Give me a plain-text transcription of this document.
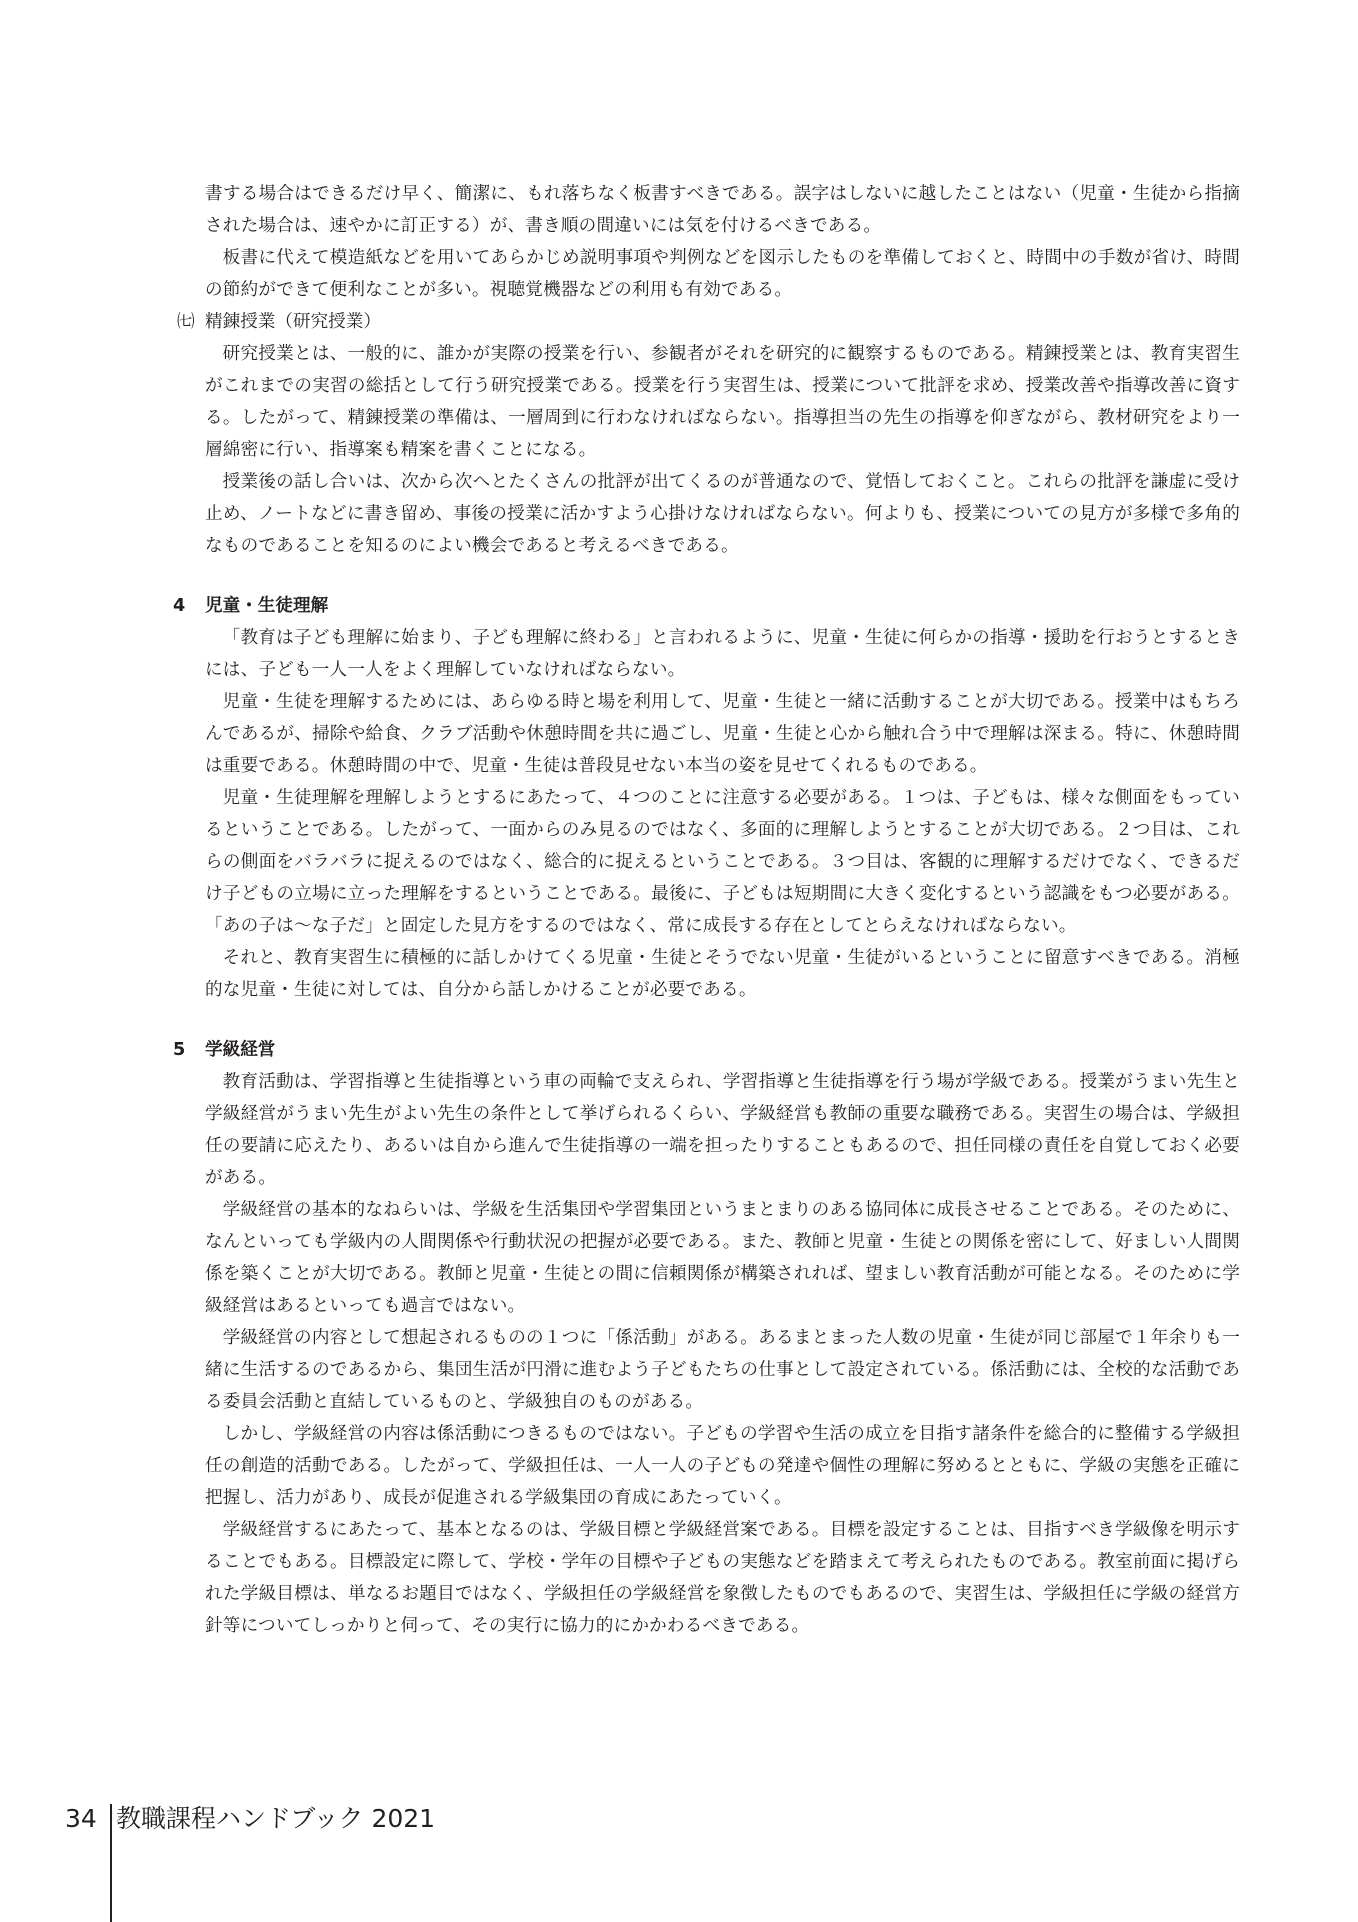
書する場合はできるだけ早く、簡潔に、もれ落ちなく板書すべきである。誤字はしないに越したことはない（児童・生徒から指摘された場合は、速やかに訂正する）が、書き順の間違いには気を付けるべきである。

板書に代えて模造紙などを用いてあらかじめ説明事項や判例などを図示したものを準備しておくと、時間中の手数が省け、時間の節約ができて便利なことが多い。視聴覚機器などの利用も有効である。

㈦ 精錬授業（研究授業）

研究授業とは、一般的に、誰かが実際の授業を行い、参観者がそれを研究的に観察するものである。精錬授業とは、教育実習生がこれまでの実習の総括として行う研究授業である。授業を行う実習生は、授業について批評を求め、授業改善や指導改善に資する。したがって、精錬授業の準備は、一層周到に行わなければならない。指導担当の先生の指導を仰ぎながら、教材研究をより一層綿密に行い、指導案も精案を書くことになる。

授業後の話し合いは、次から次へとたくさんの批評が出てくるのが普通なので、覚悟しておくこと。これらの批評を謙虚に受け止め、ノートなどに書き留め、事後の授業に活かすよう心掛けなければならない。何よりも、授業についての見方が多様で多角的なものであることを知るのによい機会であると考えるべきである。

4 児童・生徒理解

「教育は子ども理解に始まり、子ども理解に終わる」と言われるように、児童・生徒に何らかの指導・援助を行おうとするときには、子ども一人一人をよく理解していなければならない。

児童・生徒を理解するためには、あらゆる時と場を利用して、児童・生徒と一緒に活動することが大切である。授業中はもちろんであるが、掃除や給食、クラブ活動や休憩時間を共に過ごし、児童・生徒と心から触れ合う中で理解は深まる。特に、休憩時間は重要である。休憩時間の中で、児童・生徒は普段見せない本当の姿を見せてくれるものである。

児童・生徒理解を理解しようとするにあたって、４つのことに注意する必要がある。１つは、子どもは、様々な側面をもっているということである。したがって、一面からのみ見るのではなく、多面的に理解しようとすることが大切である。２つ目は、これらの側面をバラバラに捉えるのではなく、総合的に捉えるということである。３つ目は、客観的に理解するだけでなく、できるだけ子どもの立場に立った理解をするということである。最後に、子どもは短期間に大きく変化するという認識をもつ必要がある。「あの子は～な子だ」と固定した見方をするのではなく、常に成長する存在としてとらえなければならない。

それと、教育実習生に積極的に話しかけてくる児童・生徒とそうでない児童・生徒がいるということに留意すべきである。消極的な児童・生徒に対しては、自分から話しかけることが必要である。

5 学級経営

教育活動は、学習指導と生徒指導という車の両輪で支えられ、学習指導と生徒指導を行う場が学級である。授業がうまい先生と学級経営がうまい先生がよい先生の条件として挙げられるくらい、学級経営も教師の重要な職務である。実習生の場合は、学級担任の要請に応えたり、あるいは自から進んで生徒指導の一端を担ったりすることもあるので、担任同様の責任を自覚しておく必要がある。

学級経営の基本的なねらいは、学級を生活集団や学習集団というまとまりのある協同体に成長させることである。そのために、なんといっても学級内の人間関係や行動状況の把握が必要である。また、教師と児童・生徒との関係を密にして、好ましい人間関係を築くことが大切である。教師と児童・生徒との間に信頼関係が構築されれば、望ましい教育活動が可能となる。そのために学級経営はあるといっても過言ではない。

学級経営の内容として想起されるものの１つに「係活動」がある。あるまとまった人数の児童・生徒が同じ部屋で１年余りも一緒に生活するのであるから、集団生活が円滑に進むよう子どもたちの仕事として設定されている。係活動には、全校的な活動である委員会活動と直結しているものと、学級独自のものがある。

しかし、学級経営の内容は係活動につきるものではない。子どもの学習や生活の成立を目指す諸条件を総合的に整備する学級担任の創造的活動である。したがって、学級担任は、一人一人の子どもの発達や個性の理解に努めるとともに、学級の実態を正確に把握し、活力があり、成長が促進される学級集団の育成にあたっていく。

学級経営するにあたって、基本となるのは、学級目標と学級経営案である。目標を設定することは、目指すべき学級像を明示することでもある。目標設定に際して、学校・学年の目標や子どもの実態などを踏まえて考えられたものである。教室前面に掲げられた学級目標は、単なるお題目ではなく、学級担任の学級経営を象徴したものでもあるので、実習生は、学級担任に学級の経営方針等についてしっかりと伺って、その実行に協力的にかかわるべきである。

34 教職課程ハンドブック 2021
